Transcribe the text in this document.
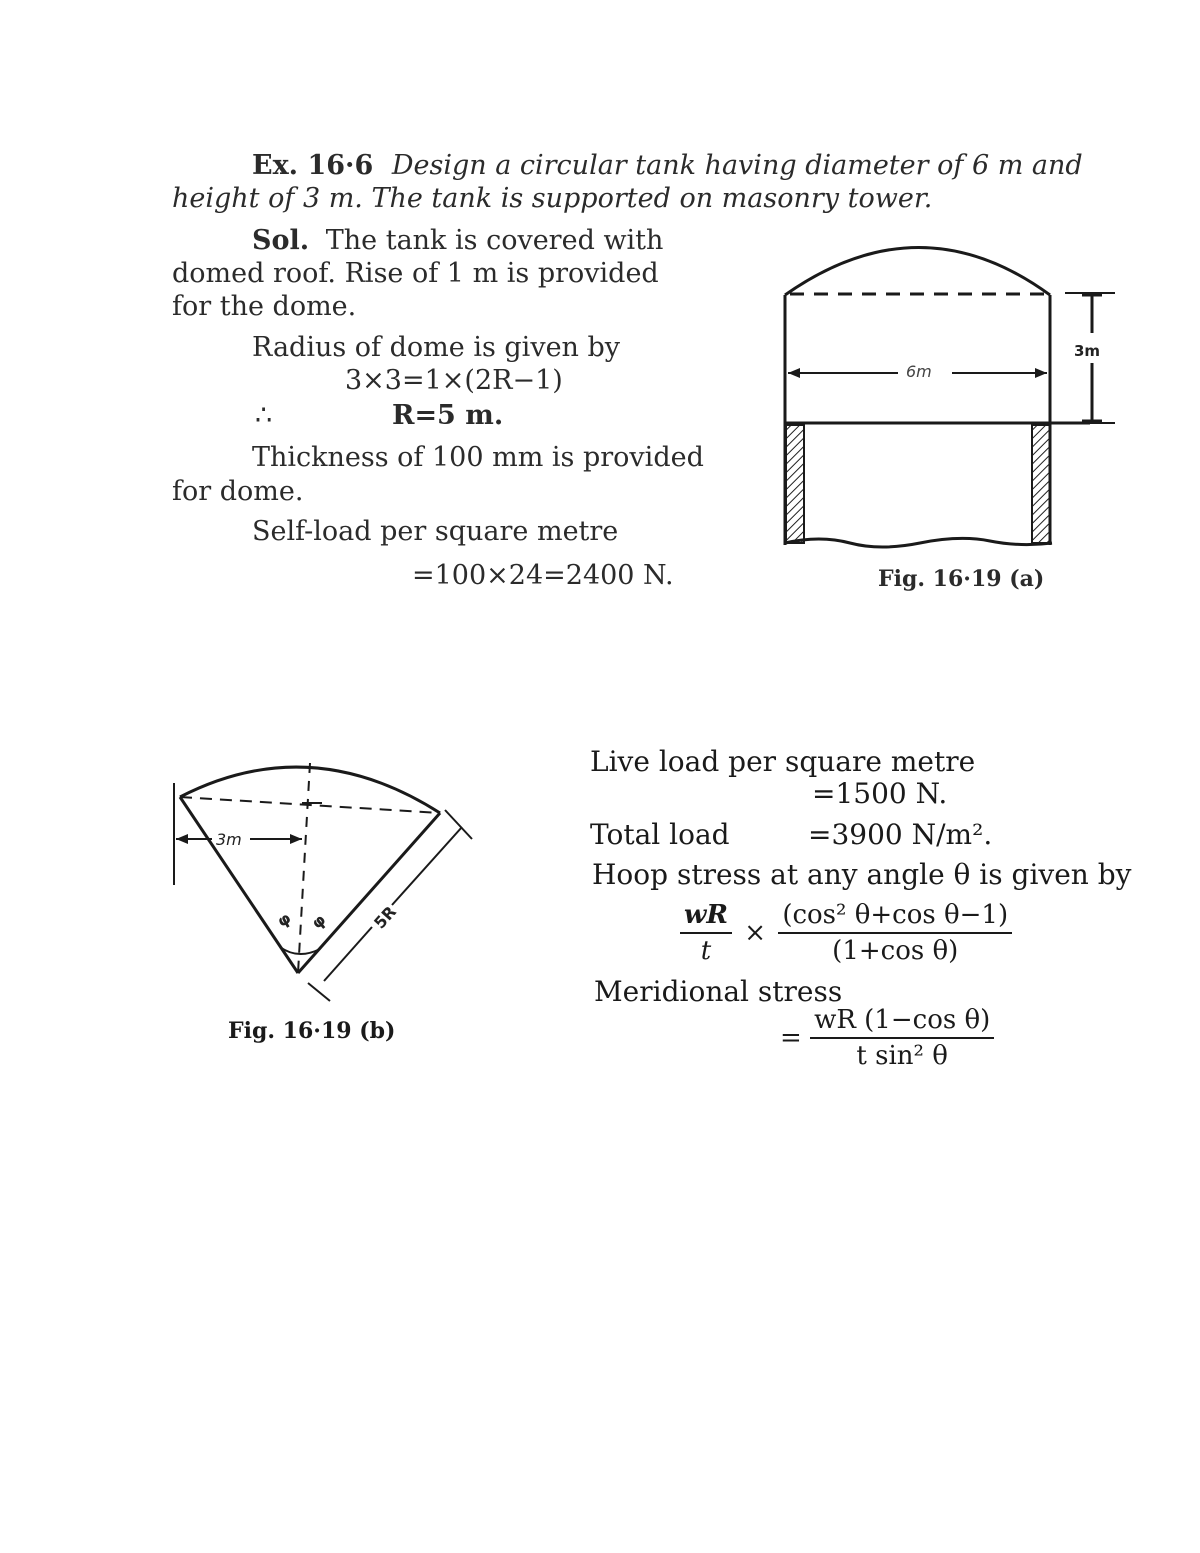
Ex. 16·6 Design a circular tank having diameter of 6 m and
height of 3 m. The tank is supported on masonry tower.
Sol. The tank is covered with
domed roof. Rise of 1 m is provided
for the dome.
Radius of dome is given by
3×3=1×(2R−1)
∴	R=5 m.
Thickness of 100 mm is provided
for dome.
Self-load per square metre
=100×24=2400 N.
6m
3m
Fig. 16·19 (a)
φ φ
3m
5R
Fig. 16·19 (b)
Live load per square metre
=1500 N.
Total load	=3900 N/m².
Hoop stress at any angle θ is given by
$\frac{wR}{t} \times \frac{\text{(cos² θ+cos θ−1)}}{\text{(1+cos θ)}}$
Meridional stress
= $\frac{\text{wR (1−cos θ)}}{\text{t sin² θ}}$
